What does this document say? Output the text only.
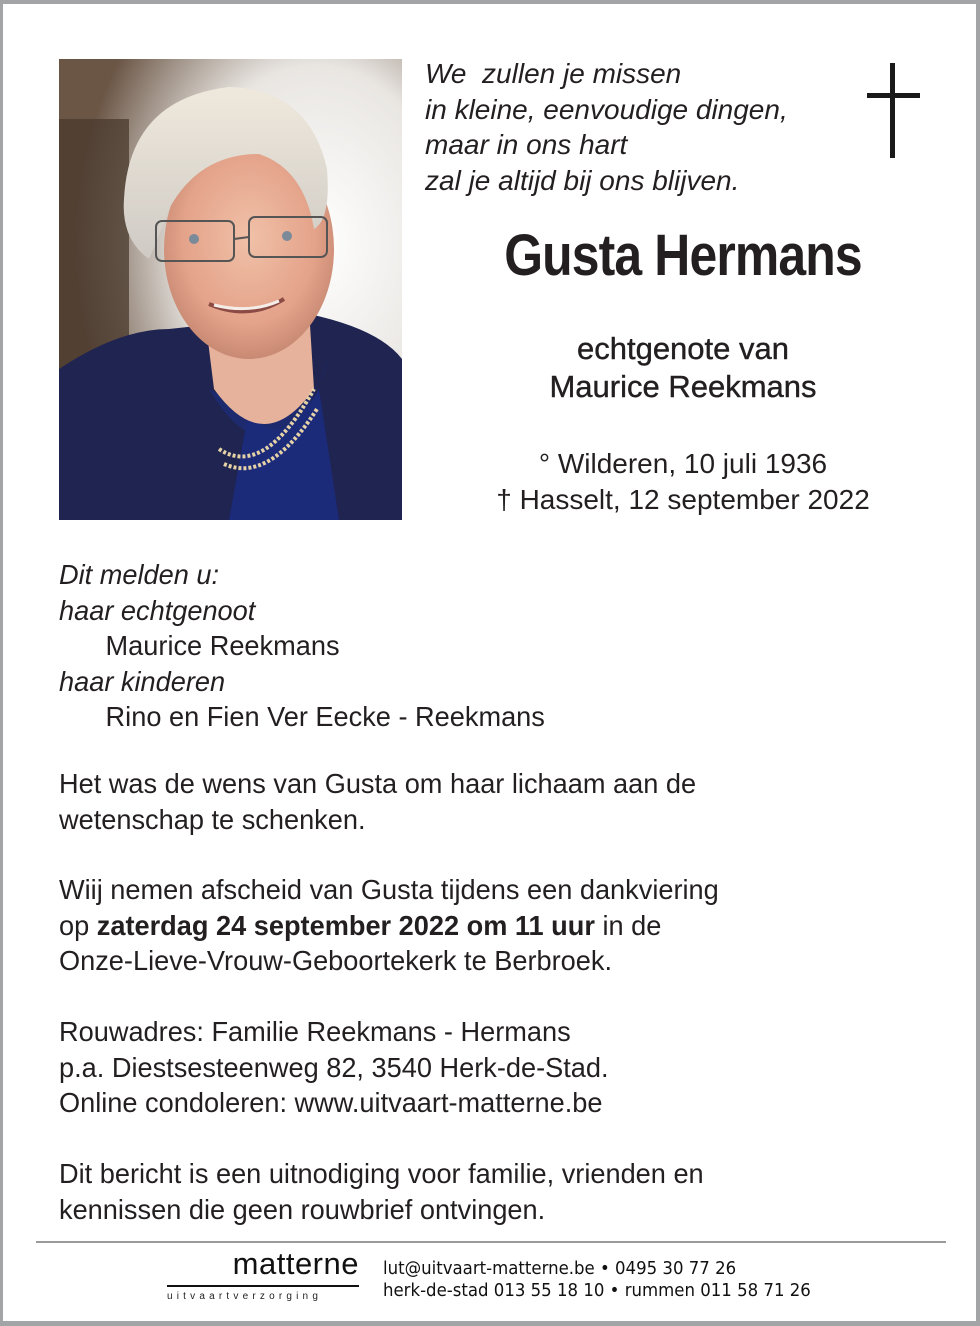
We  zullen je missen
in kleine, eenvoudige dingen,
maar in ons hart
zal je altijd bij ons blijven.
Gusta Hermans
echtgenote van
Maurice Reekmans
° Wilderen, 10 juli 1936
† Hasselt, 12 september 2022
Dit melden u:
haar echtgenoot
Maurice Reekmans
haar kinderen
Rino en Fien Ver Eecke - Reekmans
Het was de wens van Gusta om haar lichaam aan de
wetenschap te schenken.
Wiij nemen afscheid van Gusta tijdens een dankviering
op zaterdag 24 september 2022 om 11 uur in de
Onze-Lieve-Vrouw-Geboortekerk te Berbroek.
Rouwadres: Familie Reekmans - Hermans
p.a. Diestsesteenweg 82, 3540 Herk-de-Stad.
Online condoleren: www.uitvaart-matterne.be
Dit bericht is een uitnodiging voor familie, vrienden en
kennissen die geen rouwbrief ontvingen.
matterne
uitvaartverzorging
lut@uitvaart-matterne.be • 0495 30 77 26
herk-de-stad 013 55 18 10 • rummen 011 58 71 26
